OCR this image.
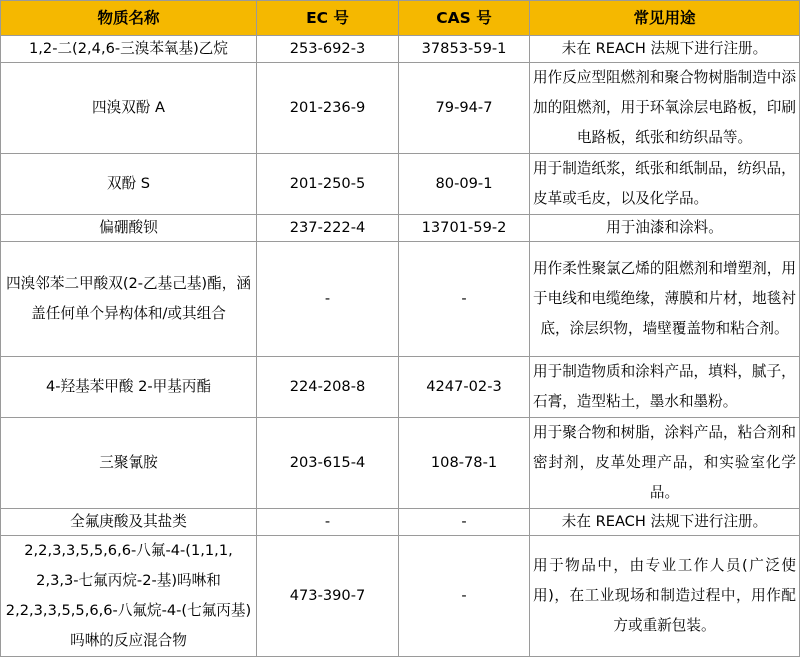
物质名称	EC 号	CAS 号	常见用途
1,2-二(2,4,6-三溴苯氧基)乙烷	253-692-3	37853-59-1	未在 REACH 法规下进行注册。
四溴双酚 A	201-236-9	79-94-7	用作反应型阻燃剂和聚合物树脂制造中添加的阻燃剂，用于环氧涂层电路板，印刷电路板，纸张和纺织品等。
双酚 S	201-250-5	80-09-1	用于制造纸浆，纸张和纸制品，纺织品，皮革或毛皮，以及化学品。
偏硼酸钡	237-222-4	13701-59-2	用于油漆和涂料。
四溴邻苯二甲酸双(2-乙基己基)酯，涵盖任何单个异构体和/或其组合	-	-	用作柔性聚氯乙烯的阻燃剂和增塑剂，用于电线和电缆绝缘，薄膜和片材，地毯衬底，涂层织物，墙壁覆盖物和粘合剂。
4-羟基苯甲酸 2-甲基丙酯	224-208-8	4247-02-3	用于制造物质和涂料产品，填料，腻子，石膏，造型粘土，墨水和墨粉。
三聚氰胺	203-615-4	108-78-1	用于聚合物和树脂，涂料产品，粘合剂和密封剂，皮革处理产品，和实验室化学品。
全氟庚酸及其盐类	-	-	未在 REACH 法规下进行注册。
2,2,3,3,5,5,6,6-八氟-4-(1,1,1, 2,3,3-七氟丙烷-2-基)吗啉和 2,2,3,3,5,5,6,6-八氟烷-4-(七氟丙基)吗啉的反应混合物	473-390-7	-	用于物品中，由专业工作人员(广泛使用)，在工业现场和制造过程中，用作配方或重新包装。
